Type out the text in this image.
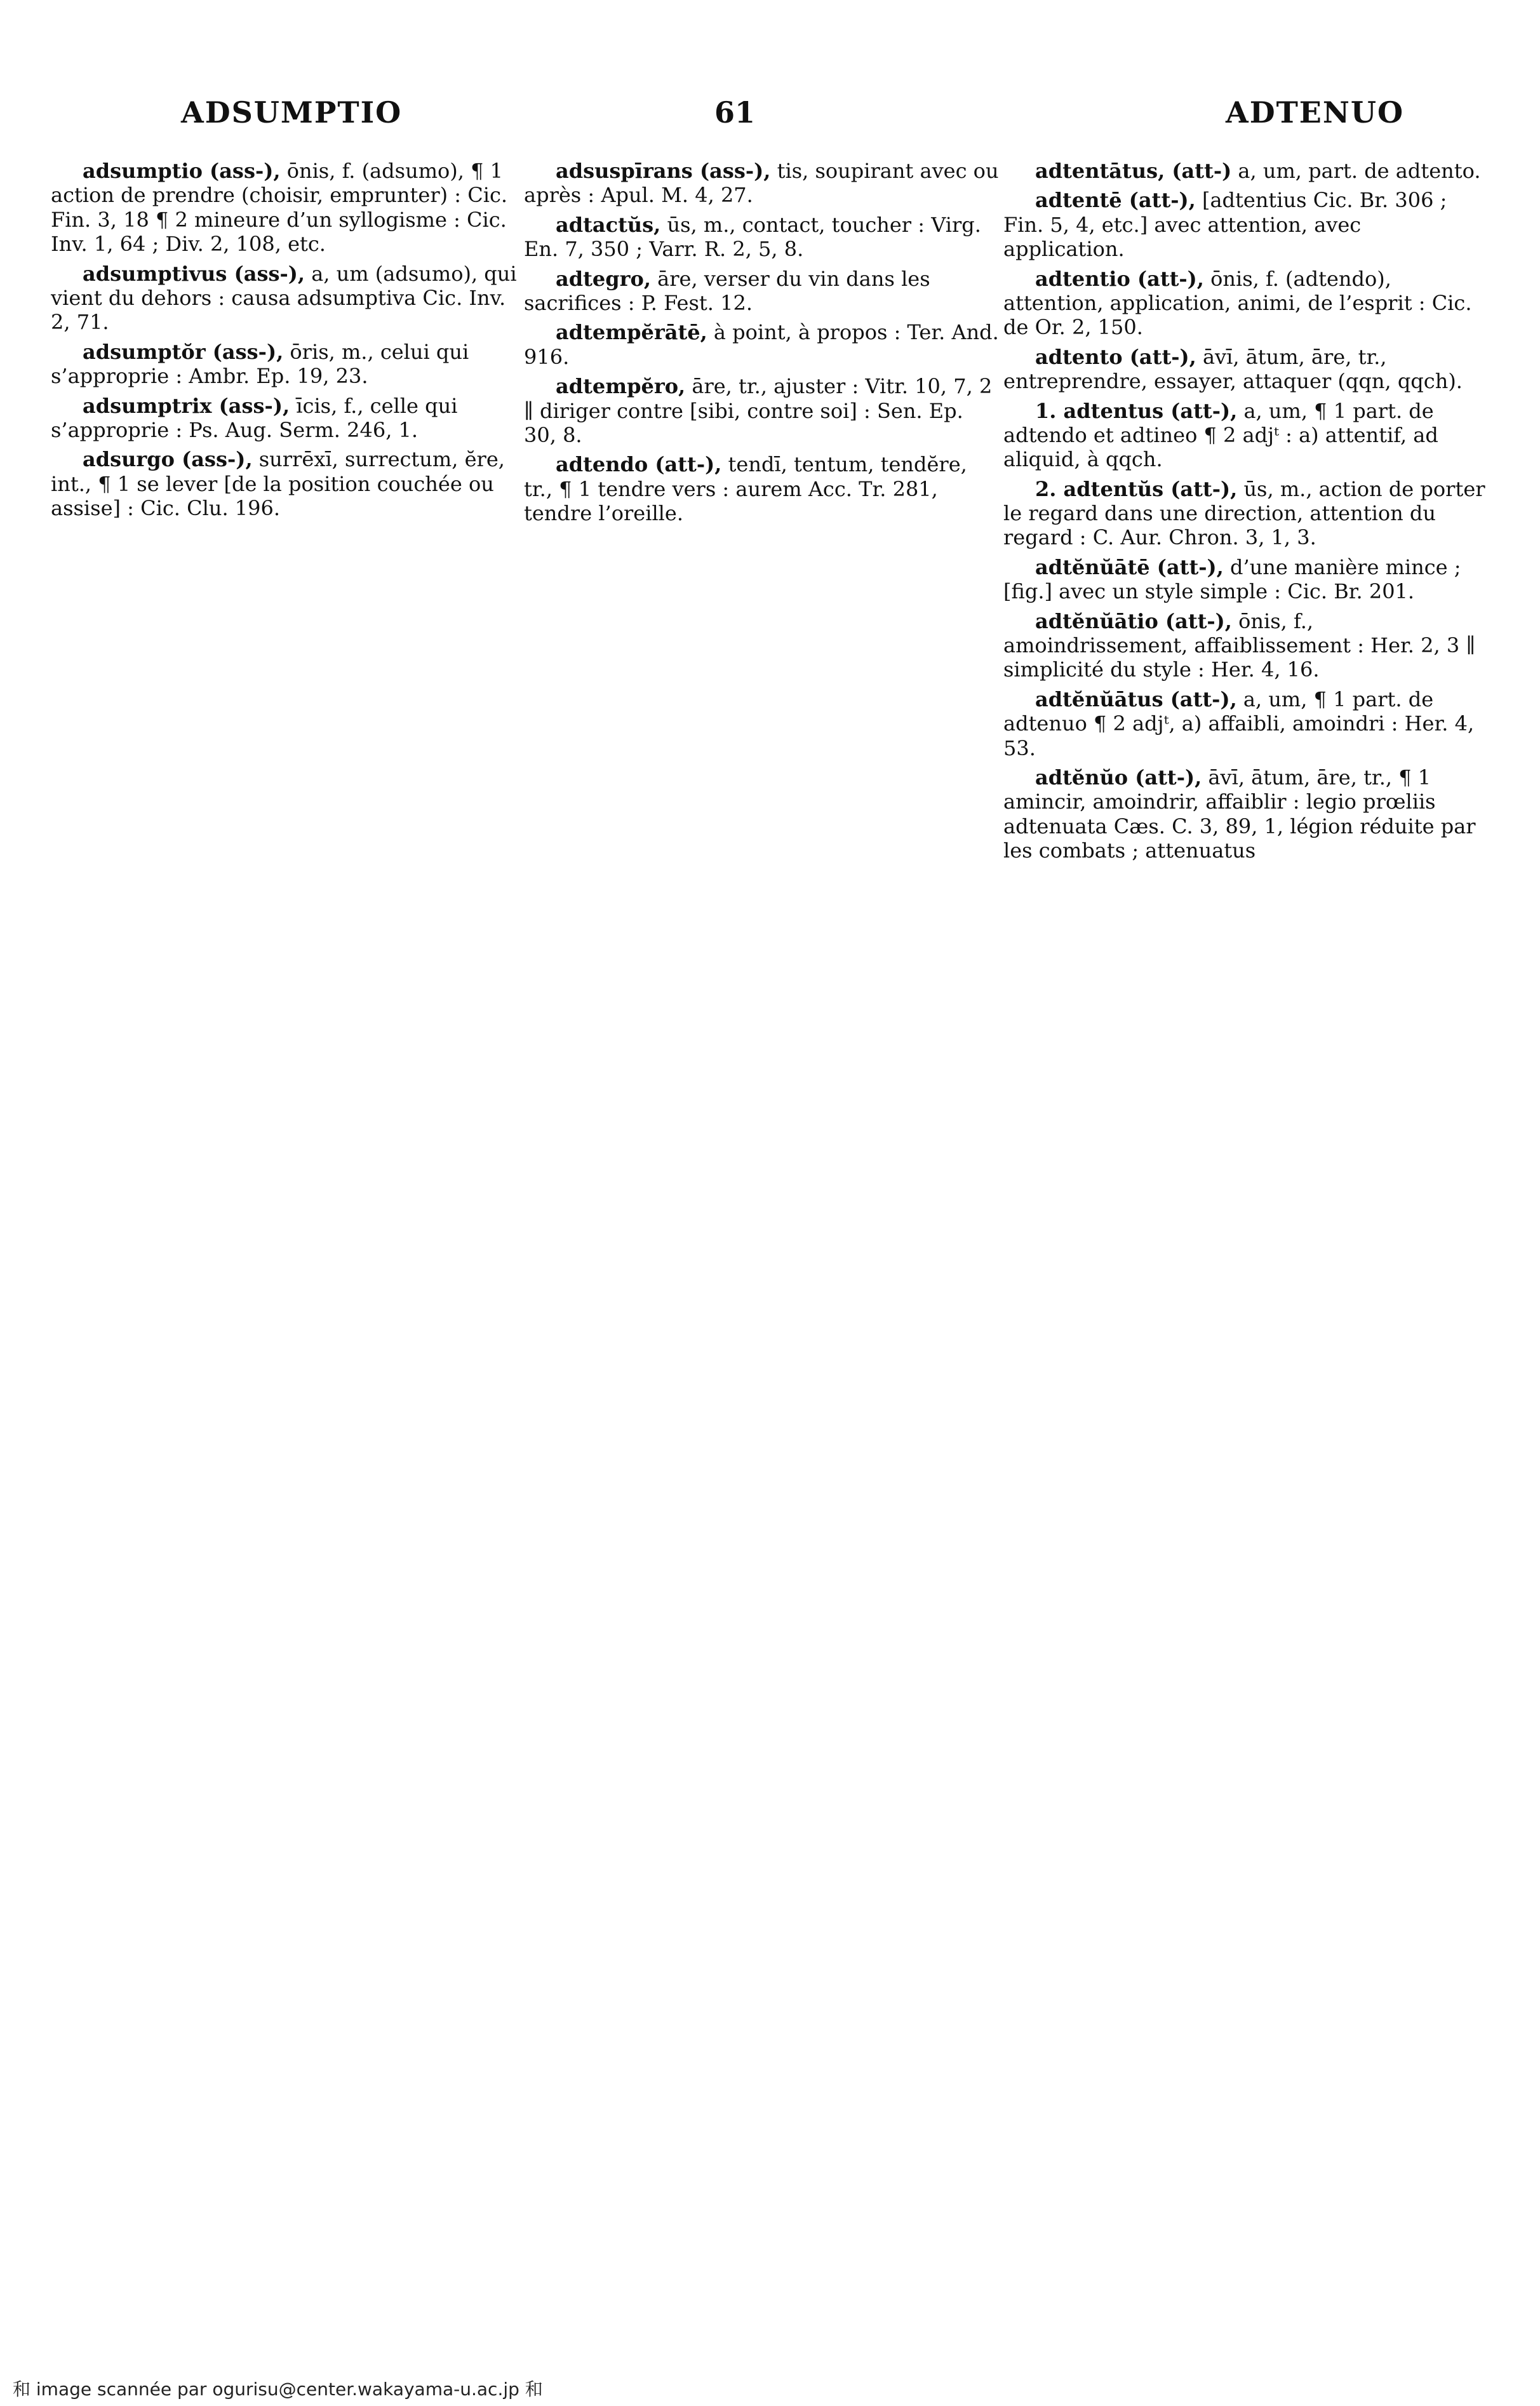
ADSUMPTIO	61	ADTENUO

adsumptio (ass-), ōnis, f. (adsumo), ¶ 1 action de prendre (choisir, emprunter) : Cic. Fin. 3, 18 ¶ 2 mineure d’un syllogisme : Cic. Inv. 1, 64 ; Div. 2, 108, etc.

adsumptivus (ass-), a, um (adsumo), qui vient du dehors : causa adsumptiva Cic. Inv. 2, 71.

adsumptŏr (ass-), ōris, m., celui qui s’approprie : Ambr. Ep. 19, 23.

adsumptrix (ass-), īcis, f., celle qui s’approprie : Ps. Aug. Serm. 246, 1.

adsurgo (ass-), surrēxī, surrectum, ĕre, int., ¶ 1 se lever [de la position couchée ou assise] : Cic. Clu. 196.

adsuspīrans (ass-), tis, soupirant avec ou après : Apul. M. 4, 27.

adtactŭs, ūs, m., contact, toucher : Virg. En. 7, 350 ; Varr. R. 2, 5, 8.

adtegro, āre, verser du vin dans les sacrifices : P. Fest. 12.

adtempĕrātē, à point, à propos : Ter. And. 916.

adtempĕro, āre, tr., ajuster : Vitr. 10, 7, 2 ∥ diriger contre [sibi, contre soi] : Sen. Ep. 30, 8.

adtendo (att-), tendī, tentum, tendĕre, tr., ¶ 1 tendre vers : aurem Acc. Tr. 281, tendre l’oreille.

adtentātus, (att-) a, um, part. de adtento.

adtentē (att-), [adtentius Cic. Br. 306 ; Fin. 5, 4, etc.] avec attention, avec application.

adtentio (att-), ōnis, f. (adtendo), attention, application, animi, de l’esprit : Cic. de Or. 2, 150.

adtento (att-), āvī, ātum, āre, tr., entreprendre, essayer, attaquer (qqn, qqch).

1. adtentus (att-), a, um, ¶ 1 part. de adtendo et adtineo ¶ 2 adjᵗ : a) attentif, ad aliquid, à qqch.

2. adtentŭs (att-), ūs, m., action de porter le regard dans une direction, attention du regard : C. Aur. Chron. 3, 1, 3.

adtĕnŭātē (att-), d’une manière mince ; [fig.] avec un style simple : Cic. Br. 201.

adtĕnŭātio (att-), ōnis, f., amoindrissement, affaiblissement : Her. 2, 3 ∥ simplicité du style : Her. 4, 16.

adtĕnŭātus (att-), a, um, ¶ 1 part. de adtenuo ¶ 2 adjᵗ, a) affaibli, amoindri : Her. 4, 53.

adtĕnŭo (att-), āvī, ātum, āre, tr., ¶ 1 amincir, amoindrir, affaiblir : legio prœliis adtenuata Cæs. C. 3, 89, 1, légion réduite par les combats ; attenuatus

和 image scannée par ogurisu@center.wakayama-u.ac.jp 和
